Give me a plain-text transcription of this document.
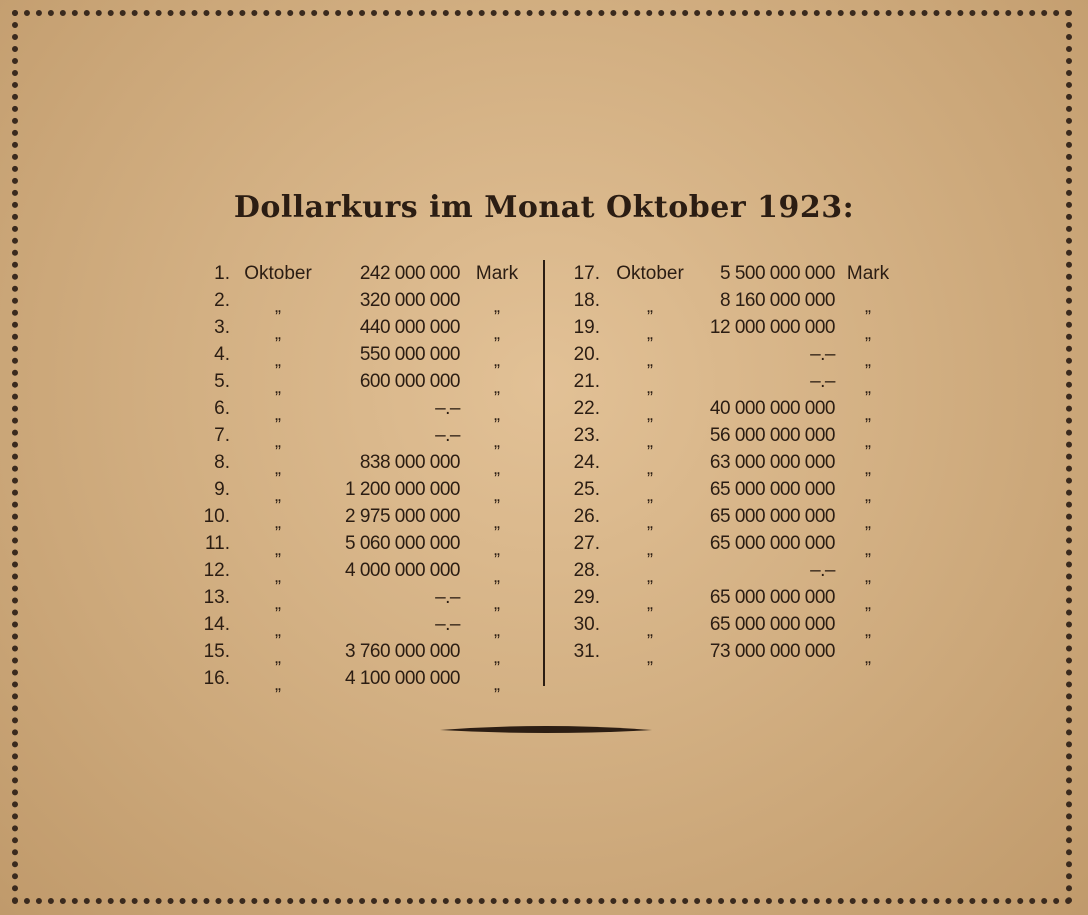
Dollarkurs im Monat Oktober 1923:
1. Oktober	242 000 000 Mark
2.	„	320 000 000	„
3.	„	440 000 000	„
4.	„	550 000 000	„
5.	„	600 000 000	„
6.	„	–.–	„
7.	„	–.–	„
8.	„	838 000 000	„
9.	„	1 200 000 000	„
10.	„	2 975 000 000	„
11.	„	5 060 000 000	„
12.	„	4 000 000 000	„
13.	„	–.–	„
14.	„	–.–	„
15.	„	3 760 000 000	„
16.	„	4 100 000 000	„
17. Oktober	5 500 000 000 Mark
18.	„	8 160 000 000	„
19.	„	12 000 000 000	„
20.	„	–.–	„
21.	„	–.–	„
22.	„	40 000 000 000	„
23.	„	56 000 000 000	„
24.	„	63 000 000 000	„
25.	„	65 000 000 000	„
26.	„	65 000 000 000	„
27.	„	65 000 000 000	„
28.	„	–.–	„
29.	„	65 000 000 000	„
30.	„	65 000 000 000	„
31.	„	73 000 000 000	„
